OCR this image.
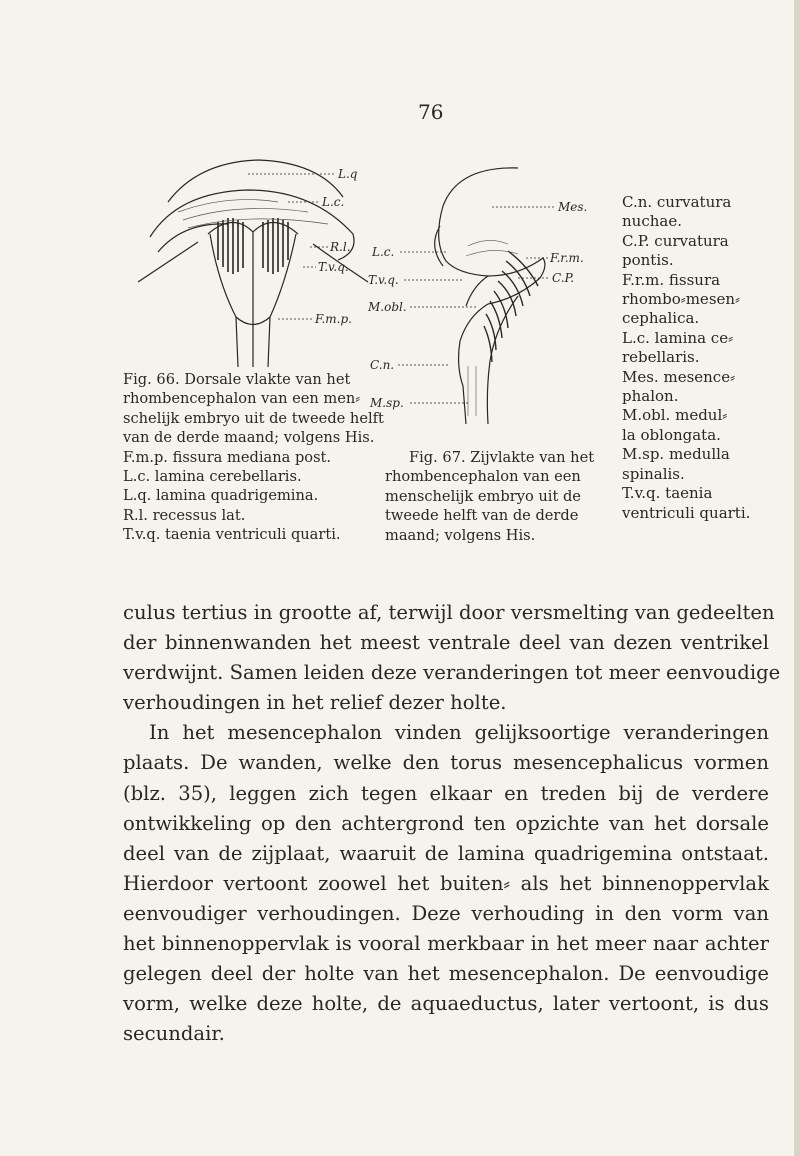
76
L.q
L.c.
R.l.
T.v.q.
F.m.p.

Fig. 66. Dorsale vlakte van het

rhombencephalon van een men⸗

schelijk embryo uit de tweede helft

van de derde maand; volgens His.

F.m.p. fissura mediana post.

L.c. lamina cerebellaris.

L.q. lamina quadrigemina.

R.l. recessus lat.

T.v.q. taenia ventriculi quarti.

Mes.
L.c.
T.v.q.
M.obl.
C.n.
M.sp.
F.r.m.
C.P.

Fig. 67. Zijvlakte van het

rhombencephalon van een

menschelijk embryo uit de

tweede helft van de derde

maand; volgens His.

C.n. curvatura

nuchae.

C.P. curvatura

pontis.

F.r.m. fissura

rhombo⸗mesen⸗

cephalica.

L.c. lamina ce⸗

rebellaris.

Mes. mesence⸗

phalon.

M.obl. medul⸗

la oblongata.

M.sp. medulla

spinalis.

T.v.q. taenia

ventriculi quarti.

culus tertius in grootte af, terwijl door versmelting van gedeelten
der binnenwanden het meest ventrale deel van dezen ventrikel
verdwijnt. Samen leiden deze veranderingen tot meer eenvoudige
verhoudingen in het relief dezer holte.
In het mesencephalon vinden gelijksoortige veranderingen
plaats. De wanden, welke den torus mesencephalicus vormen
(blz. 35), leggen zich tegen elkaar en treden bij de verdere
ontwikkeling op den achtergrond ten opzichte van het dorsale
deel van de zijplaat, waaruit de lamina quadrigemina ontstaat.
Hierdoor vertoont zoowel het buiten⸗ als het binnenoppervlak
eenvoudiger verhoudingen. Deze verhouding in den vorm van
het binnenoppervlak is vooral merkbaar in het meer naar achter
gelegen deel der holte van het mesencephalon. De eenvoudige
vorm, welke deze holte, de aquaeductus, later vertoont, is dus
secundair.
